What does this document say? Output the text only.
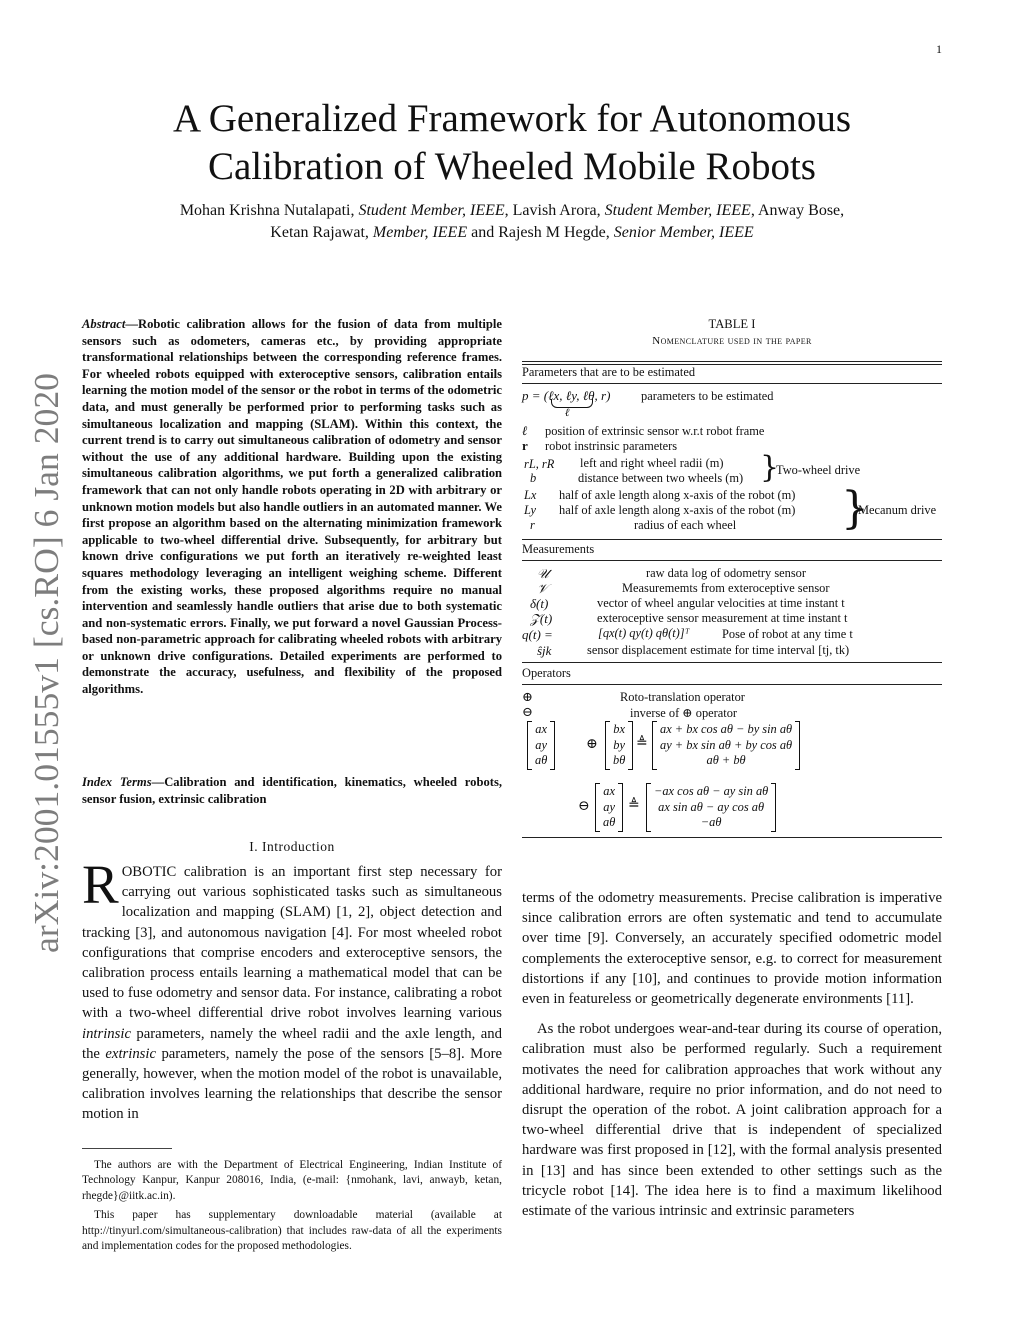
1
arXiv:2001.01555v1 [cs.RO] 6 Jan 2020
A Generalized Framework for Autonomous
Calibration of Wheeled Mobile Robots
Mohan Krishna Nutalapati, Student Member, IEEE, Lavish Arora, Student Member, IEEE, Anway Bose,
Ketan Rajawat, Member, IEEE and Rajesh M Hegde, Senior Member, IEEE
Abstract—Robotic calibration allows for the fusion of data from multiple sensors such as odometers, cameras etc., by providing appropriate transformational relationships between the corresponding reference frames. For wheeled robots equipped with exteroceptive sensors, calibration entails learning the motion model of the sensor or the robot in terms of the odometric data, and must generally be performed prior to performing tasks such as simultaneous localization and mapping (SLAM). Within this context, the current trend is to carry out simultaneous calibration of odometry and sensor without the use of any additional hardware. Building upon the existing simultaneous calibration algorithms, we put forth a generalized calibration framework that can not only handle robots operating in 2D with arbitrary or unknown motion models but also handle outliers in an automated manner. We first propose an algorithm based on the alternating minimization framework applicable to two-wheel differential drive. Subsequently, for arbitrary but known drive configurations we put forth an iteratively re-weighted least squares methodology leveraging an intelligent weighing scheme. Different from the existing works, these proposed algorithms require no manual intervention and seamlessly handle outliers that arise due to both systematic and non-systematic errors. Finally, we put forward a novel Gaussian Process-based non-parametric approach for calibrating wheeled robots with arbitrary or unknown drive configurations. Detailed experiments are performed to demonstrate the accuracy, usefulness, and flexibility of the proposed algorithms.
Index Terms—Calibration and identification, kinematics, wheeled robots, sensor fusion, extrinsic calibration
I. Introduction

ROBOTIC calibration is an important first step necessary for carrying out various sophisticated tasks such as simultaneous localization and mapping (SLAM) [1, 2], object detection and tracking [3], and autonomous navigation [4]. For most wheeled robot configurations that comprise encoders and exteroceptive sensors, the calibration process entails learning a mathematical model that can be used to fuse odometry and sensor data. For instance, calibrating a robot with a two-wheel differential drive robot involves learning various intrinsic parameters, namely the wheel radii and the axle length, and the extrinsic parameters, namely the pose of the sensors [5–8]. More generally, however, when the motion model of the robot is unavailable, calibration involves learning the relationships that describe the sensor motion in

The authors are with the Department of Electrical Engineering, Indian Institute of Technology Kanpur, Kanpur 208016, India, (e-mail: {nmohank, lavi, anwayb, ketan, rhegde}@iitk.ac.in).

This paper has supplementary downloadable material (available at http://tinyurl.com/simultaneous-calibration) that includes raw-data of all the experiments and implementation codes for the proposed methodologies.

TABLE I
Nomenclature used in the paper
Parameters that are to be estimated
p = (ℓx, ℓy, ℓθ, r)
ℓ
parameters to be estimated
ℓ position of extrinsic sensor w.r.t robot frame
r robot instrinsic parameters
rL, rR left and right wheel radii (m)
b	distance between two wheels (m) }
Two-wheel drive
Lx half of axle length along x-axis of the robot (m)
Ly half of axle length along x-axis of the robot (m)
r	radius of each wheel }
Mecanum drive
Measurements
𝒰	raw data log of odometry sensor
𝒱	Measurememts from exteroceptive sensor
δ(t)	vector of wheel angular velocities at time instant t
𝒵(t)	exteroceptive sensor measurement at time instant t
q(t) =	[qx(t) qy(t) qθ(t)]ᵀ	Pose of robot at any time t
ŝjk	sensor displacement estimate for time interval [tj, tk)
Operators
⊕	Roto-translation operator
⊖	inverse of ⊕ operator
ax
ay
aθ
⊕
bx
by
bθ
≜
ax + bx cos aθ − by sin aθ
ay + bx sin aθ + by cos aθ
aθ + bθ
⊖
ax
ay
aθ
≜
−ax cos aθ − ay sin aθ
ax sin aθ − ay cos aθ
−aθ

terms of the odometry measurements. Precise calibration is imperative since calibration errors are often systematic and tend to accumulate over time [9]. Conversely, an accurately specified odometric model complements the exteroceptive sensor, e.g. to correct for measurement distortions if any [10], and continues to provide motion information even in featureless or geometrically degenerate environments [11].

As the robot undergoes wear-and-tear during its course of operation, calibration must also be performed regularly. Such a requirement motivates the need for calibration approaches that work without any additional hardware, require no prior information, and do not need to disrupt the operation of the robot. A joint calibration approach for a two-wheel differential drive that is independent of specialized hardware was first proposed in [12], with the formal analysis presented in [13] and has since been extended to other settings such as the tricycle robot [14]. The idea here is to find a maximum likelihood estimate of the various intrinsic and extrinsic parameters
